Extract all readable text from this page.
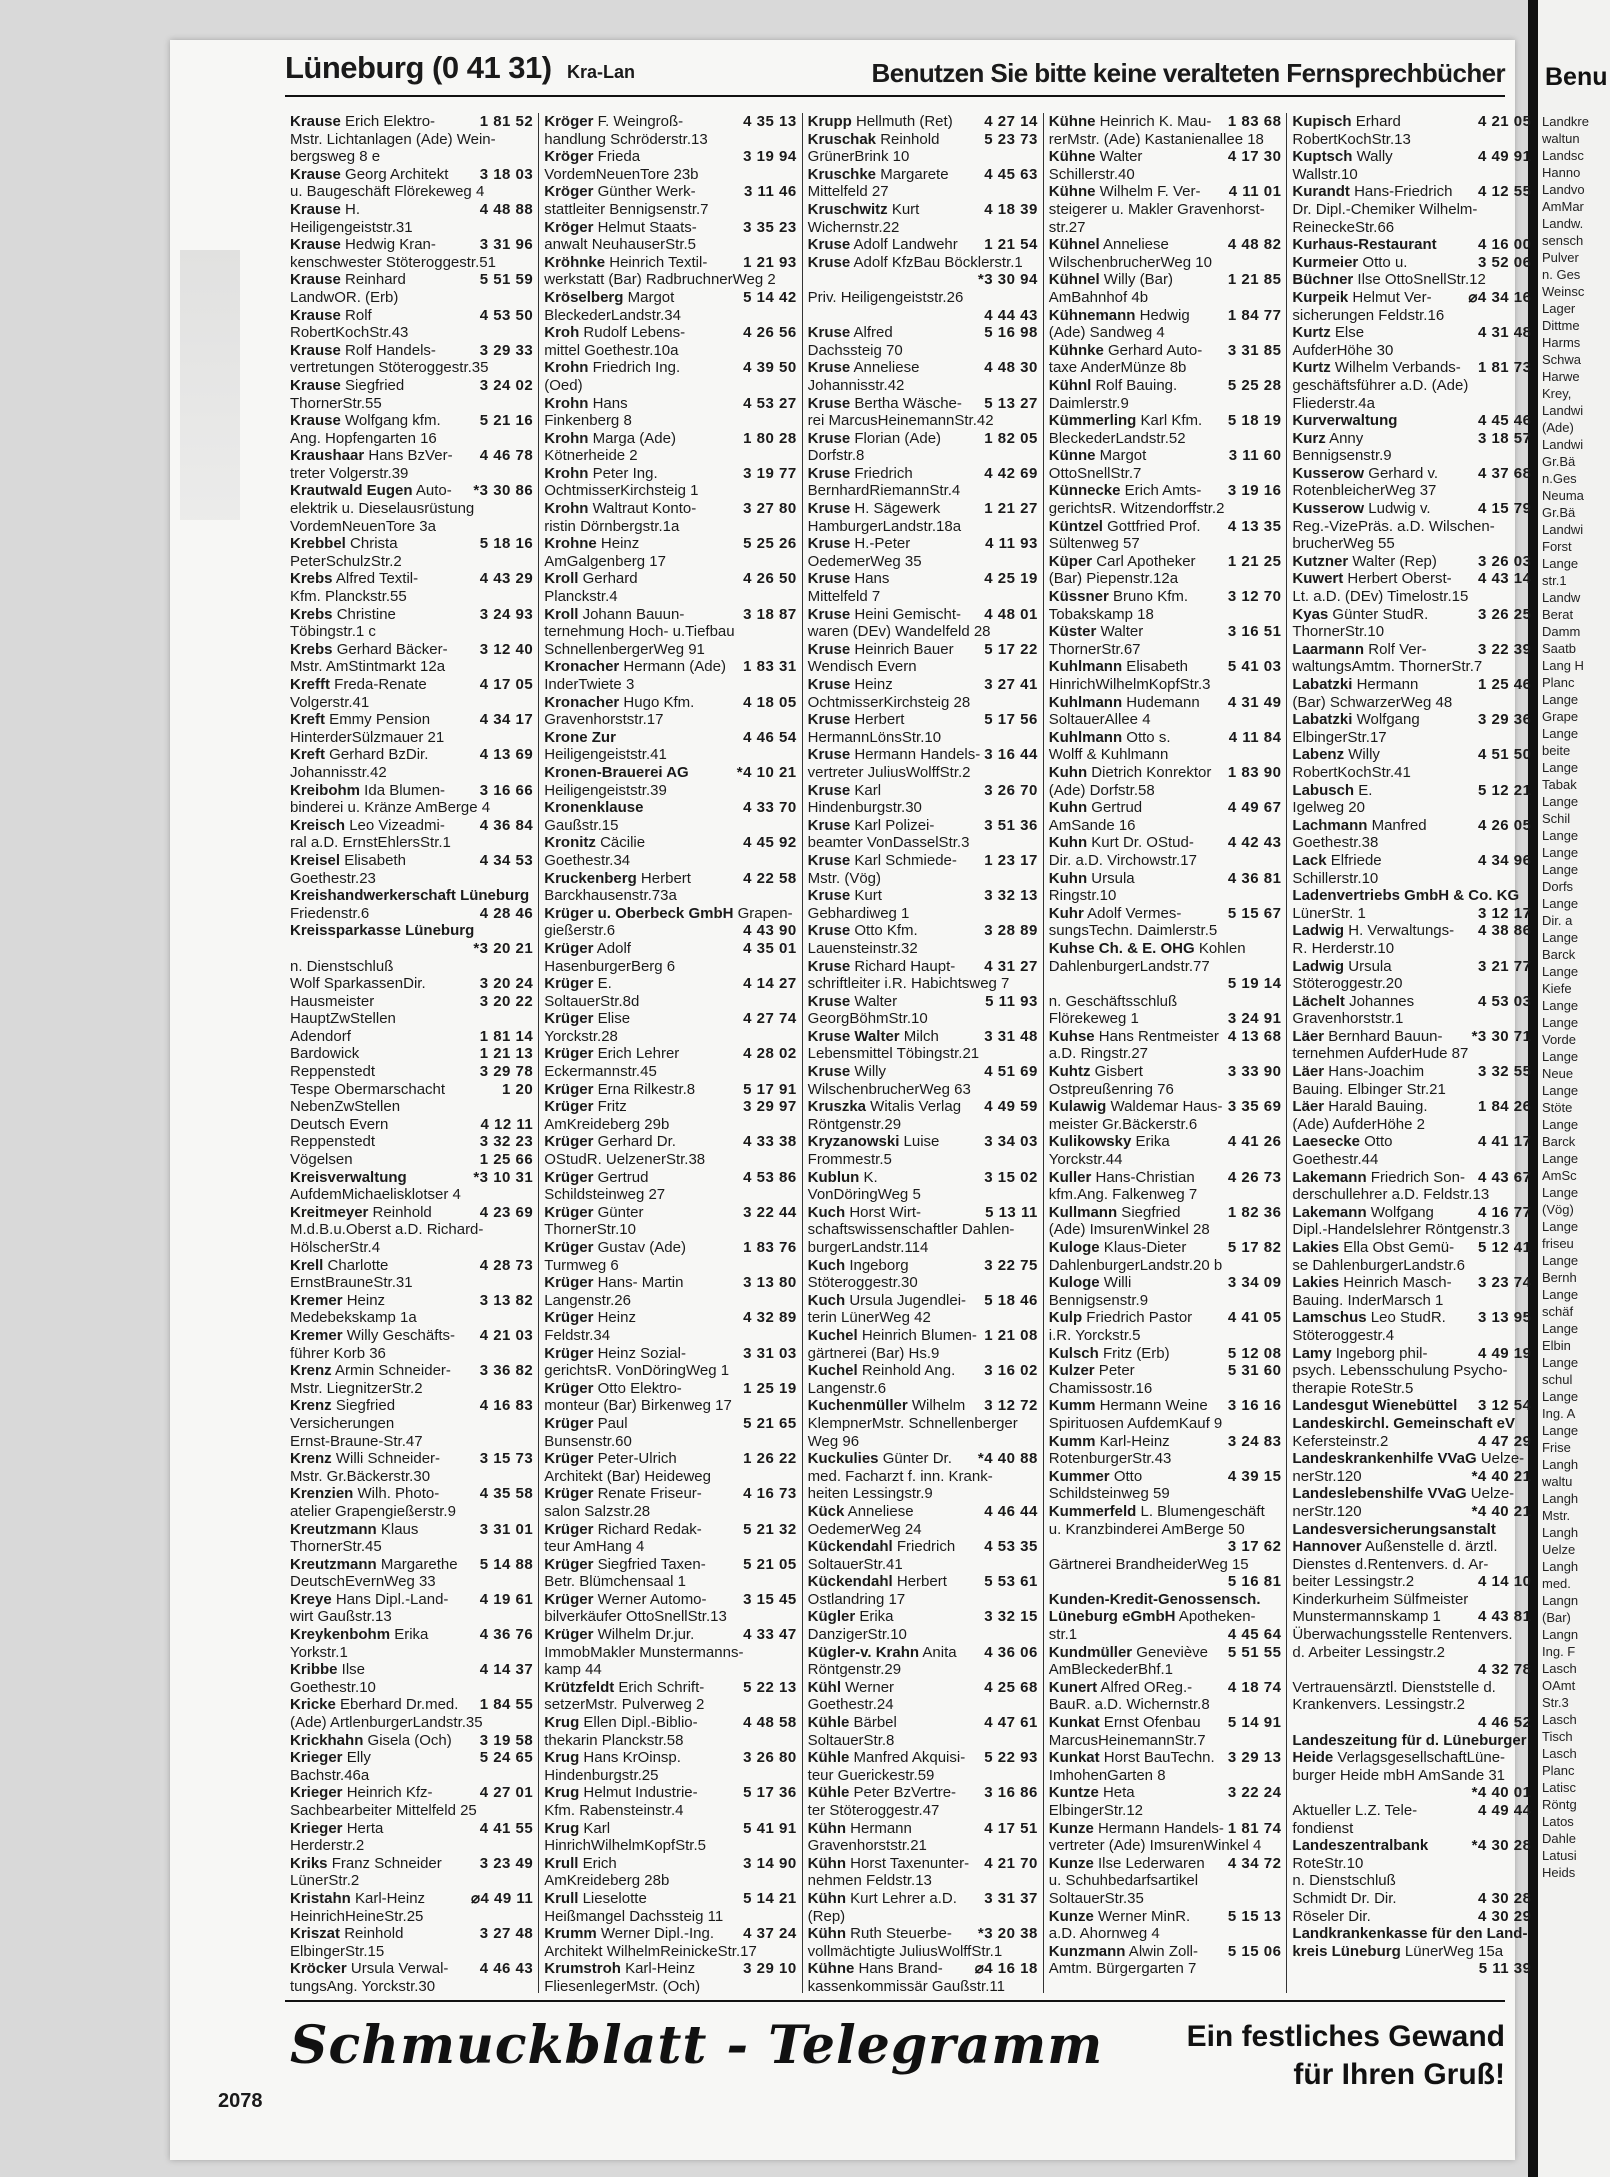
Benu
Landkre
waltun
Landsc
Hanno
Landvo
AmMar
Landw.
sensch
Pulver
n. Ges
Weinsc
Lager
Dittme
Harms
Schwa
Harwe
Krey,
Landwi
(Ade)
Landwi
Gr.Bä
n.Ges
Neuma
Gr.Bä
Landwi
Forst
Lange
str.1
Landw
Berat
Damm
Saatb
Lang H
Planc
Lange
Grape
Lange
beite
Lange
Tabak
Lange
Schil
Lange
Lange
Lange
Dorfs
Lange
Dir. a
Lange
Barck
Lange
Kiefe
Lange
Lange
Vorde
Lange
Neue
Lange
Stöte
Lange
Barck
Lange
AmSc
Lange
(Vög)
Lange
friseu
Lange
Bernh
Lange
schäf
Lange
Elbin
Lange
schul
Lange
Ing. A
Lange
Frise
Langh
waltu
Langh
Mstr.
Langh
Uelze
Langh
med.
Langn
(Bar)
Langn
Ing. F
Lasch
OAmt
Str.3
Lasch
Tisch
Lasch
Planc
Latisc
Röntg
Latos
Dahle
Latusi
Heids
Lüneburg (0 41 31) Kra-Lan	Benutzen Sie bitte keine veralteten Fernsprechbücher
Krause Erich Elektro-	1 81 52
Mstr. Lichtanlagen (Ade) Wein-
bergsweg 8 e
Krause Georg Architekt 3 18 03
u. Baugeschäft Flörekeweg 4
Krause H.	4 48 88
Heiligengeiststr.31
Krause Hedwig Kran-	3 31 96
kenschwester Stöteroggestr.51
Krause Reinhard	5 51 59
LandwOR. (Erb)
Krause Rolf	4 53 50
RobertKochStr.43
Krause Rolf Handels-	3 29 33
vertretungen Stöteroggestr.35
Krause Siegfried	3 24 02
ThornerStr.55
Krause Wolfgang kfm.	5 21 16
Ang. Hopfengarten 16
Kraushaar Hans BzVer- 4 46 78
treter Volgerstr.39
Krautwald Eugen Auto- *3 30 86
elektrik u. Dieselausrüstung
VordemNeuenTore 3a
Krebbel Christa	5 18 16
PeterSchulzStr.2
Krebs Alfred Textil-	4 43 29
Kfm. Planckstr.55
Krebs Christine	3 24 93
Töbingstr.1 c
Krebs Gerhard Bäcker- 3 12 40
Mstr. AmStintmarkt 12a
Krefft Freda-Renate	4 17 05
Volgerstr.41
Kreft Emmy Pension	4 34 17
HinterderSülzmauer 21
Kreft Gerhard BzDir.	4 13 69
Johannisstr.42
Kreibohm Ida Blumen- 3 16 66
binderei u. Kränze AmBerge 4
Kreisch Leo Vizeadmi- 4 36 84
ral a.D. ErnstEhlersStr.1
Kreisel Elisabeth	4 34 53
Goethestr.23
Kreishandwerkerschaft Lüneburg
Friedenstr.6	4 28 46
Kreissparkasse Lüneburg
*3 20 21
n. Dienstschluß
Wolf SparkassenDir.	3 20 24
Hausmeister	3 20 22
HauptZwStellen
Adendorf	1 81 14
Bardowick	1 21 13
Reppenstedt	3 29 78
Tespe Obermarschacht	1 20
NebenZwStellen
Deutsch Evern	4 12 11
Reppenstedt	3 32 23
Vögelsen	1 25 66
Kreisverwaltung	*3 10 31
AufdemMichaelisklotser 4
Kreitmeyer Reinhold	4 23 69
M.d.B.u.Oberst a.D. Richard-
HölscherStr.4
Krell Charlotte	4 28 73
ErnstBrauneStr.31
Kremer Heinz	3 13 82
Medebekskamp 1a
Kremer Willy Geschäfts- 4 21 03
führer Korb 36
Krenz Armin Schneider- 3 36 82
Mstr. LiegnitzerStr.2
Krenz Siegfried	4 16 83
Versicherungen
Ernst-Braune-Str.47
Krenz Willi Schneider-	3 15 73
Mstr. Gr.Bäckerstr.30
Krenzien Wilh. Photo-	4 35 58
atelier Grapengießerstr.9
Kreutzmann Klaus	3 31 01
ThornerStr.45
Kreutzmann Margarethe 5 14 88
DeutschEvernWeg 33
Kreye Hans Dipl.-Land- 4 19 61
wirt Gaußstr.13
Kreykenbohm Erika	4 36 76
Yorkstr.1
Kribbe Ilse	4 14 37
Goethestr.10
Kricke Eberhard Dr.med. 1 84 55
(Ade) ArtlenburgerLandstr.35
Krickhahn Gisela (Och) 3 19 58
Krieger Elly	5 24 65
Bachstr.46a
Krieger Heinrich Kfz-	4 27 01
Sachbearbeiter Mittelfeld 25
Krieger Herta	4 41 55
Herderstr.2
Kriks Franz Schneider	3 23 49
LünerStr.2
Kristahn Karl-Heinz	⌀4 49 11
HeinrichHeineStr.25
Kriszat Reinhold	3 27 48
ElbingerStr.15
Kröcker Ursula Verwal- 4 46 43
tungsAng. Yorckstr.30
Kröger F. Weingroß-	4 35 13
handlung Schröderstr.13
Kröger Frieda	3 19 94
VordemNeuenTore 23b
Kröger Günther Werk-	3 11 46
stattleiter Bennigsenstr.7
Kröger Helmut Staats-	3 35 23
anwalt NeuhauserStr.5
Kröhnke Heinrich Textil- 1 21 93
werkstatt (Bar) RadbruchnerWeg 2
Kröselberg Margot	5 14 42
BleckederLandstr.34
Kroh Rudolf Lebens-	4 26 56
mittel Goethestr.10a
Krohn Friedrich Ing.	4 39 50
(Oed)
Krohn Hans	4 53 27
Finkenberg 8
Krohn Marga (Ade)	1 80 28
Kötnerheide 2
Krohn Peter Ing.	3 19 77
OchtmisserKirchsteig 1
Krohn Waltraut Konto-	3 27 80
ristin Dörnbergstr.1a
Krohne Heinz	5 25 26
AmGalgenberg 17
Kroll Gerhard	4 26 50
Planckstr.4
Kroll Johann Bauun-	3 18 87
ternehmung Hoch- u.Tiefbau
SchnellenbergerWeg 91
Kronacher Hermann (Ade) 1 83 31
InderTwiete 3
Kronacher Hugo Kfm.	4 18 05
Gravenhorststr.17
Krone Zur	4 46 54
Heiligengeiststr.41
Kronen-Brauerei AG	*4 10 21
Heiligengeiststr.39
Kronenklause	4 33 70
Gaußstr.15
Kronitz Cäcilie	4 45 92
Goethestr.34
Kruckenberg Herbert	4 22 58
Barckhausenstr.73a
Krüger u. Oberbeck GmbH Grapen-
gießerstr.6	4 43 90
Krüger Adolf	4 35 01
HasenburgerBerg 6
Krüger E.	4 14 27
SoltauerStr.8d
Krüger Elise	4 27 74
Yorckstr.28
Krüger Erich Lehrer	4 28 02
Eckermannstr.45
Krüger Erna Rilkestr.8	5 17 91
Krüger Fritz	3 29 97
AmKreideberg 29b
Krüger Gerhard Dr.	4 33 38
OStudR. UelzenerStr.38
Krüger Gertrud	4 53 86
Schildsteinweg 27
Krüger Günter	3 22 44
ThornerStr.10
Krüger Gustav (Ade)	1 83 76
Turmweg 6
Krüger Hans- Martin	3 13 80
Langenstr.26
Krüger Heinz	4 32 89
Feldstr.34
Krüger Heinz Sozial-	3 31 03
gerichtsR. VonDöringWeg 1
Krüger Otto Elektro-	1 25 19
monteur (Bar) Birkenweg 17
Krüger Paul	5 21 65
Bunsenstr.60
Krüger Peter-Ulrich	1 26 22
Architekt (Bar) Heideweg
Krüger Renate Friseur-	4 16 73
salon Salzstr.28
Krüger Richard Redak-	5 21 32
teur AmHang 4
Krüger Siegfried Taxen- 5 21 05
Betr. Blümchensaal 1
Krüger Werner Automo- 3 15 45
bilverkäufer OttoSnellStr.13
Krüger Wilhelm Dr.jur.	4 33 47
ImmobMakler Munstermanns-
kamp 44
Krützfeldt Erich Schrift-	5 22 13
setzerMstr. Pulverweg 2
Krug Ellen Dipl.-Biblio-	4 48 58
thekarin Planckstr.58
Krug Hans KrOinsp.	3 26 80
Hindenburgstr.25
Krug Helmut Industrie-	5 17 36
Kfm. Rabensteinstr.4
Krug Karl	5 41 91
HinrichWilhelmKopfStr.5
Krull Erich	3 14 90
AmKreideberg 28b
Krull Lieselotte	5 14 21
Heißmangel Dachssteig 11
Krumm Werner Dipl.-Ing. 4 37 24
Architekt WilhelmReinickeStr.17
Krumstroh Karl-Heinz	3 29 10
FliesenlegerMstr. (Och)
Krupp Hellmuth (Ret) 4 27 14
Kruschak Reinhold	5 23 73
GrünerBrink 10
Kruschke Margarete 4 45 63
Mittelfeld 27
Kruschwitz Kurt	4 18 39
Wichernstr.22
Kruse Adolf Landwehr 1 21 54
Kruse Adolf KfzBau Böcklerstr.1
*3 30 94
Priv. Heiligengeiststr.26
4 44 43
Kruse Alfred	5 16 98
Dachssteig 70
Kruse Anneliese	4 48 30
Johannisstr.42
Kruse Bertha Wäsche- 5 13 27
rei MarcusHeinemannStr.42
Kruse Florian (Ade)	1 82 05
Dorfstr.8
Kruse Friedrich	4 42 69
BernhardRiemannStr.4
Kruse H. Sägewerk	1 21 27
HamburgerLandstr.18a
Kruse H.-Peter	4 11 93
OedemerWeg 35
Kruse Hans	4 25 19
Mittelfeld 7
Kruse Heini Gemischt- 4 48 01
waren (DEv) Wandelfeld 28
Kruse Heinrich Bauer 5 17 22
Wendisch Evern
Kruse Heinz	3 27 41
OchtmisserKirchsteig 28
Kruse Herbert	5 17 56
HermannLönsStr.10
Kruse Hermann Handels- 3 16 44
vertreter JuliusWolffStr.2
Kruse Karl	3 26 70
Hindenburgstr.30
Kruse Karl Polizei-	3 51 36
beamter VonDasselStr.3
Kruse Karl Schmiede- 1 23 17
Mstr. (Vög)
Kruse Kurt	3 32 13
Gebhardiweg 1
Kruse Otto Kfm.	3 28 89
Lauensteinstr.32
Kruse Richard Haupt- 4 31 27
schriftleiter i.R. Habichtsweg 7
Kruse Walter	5 11 93
GeorgBöhmStr.10
Kruse Walter Milch	3 31 48
Lebensmittel Töbingstr.21
Kruse Willy	4 51 69
WilschenbrucherWeg 63
Kruszka Witalis Verlag 4 49 59
Röntgenstr.29
Kryzanowski Luise	3 34 03
Frommestr.5
Kublun K.	3 15 02
VonDöringWeg 5
Kuch Horst Wirt-	5 13 11
schaftswissenschaftler Dahlen-
burgerLandstr.114
Kuch Ingeborg	3 22 75
Stöteroggestr.30
Kuch Ursula Jugendlei- 5 18 46
terin LünerWeg 42
Kuchel Heinrich Blumen- 1 21 08
gärtnerei (Bar) Hs.9
Kuchel Reinhold Ang. 3 16 02
Langenstr.6
Kuchenmüller Wilhelm 3 12 72
KlempnerMstr. Schnellenberger
Weg 96
Kuckulies Günter Dr. *4 40 88
med. Facharzt f. inn. Krank-
heiten Lessingstr.9
Kück Anneliese	4 46 44
OedemerWeg 24
Kückendahl Friedrich 4 53 35
SoltauerStr.41
Kückendahl Herbert 5 53 61
Ostlandring 17
Kügler Erika	3 32 15
DanzigerStr.10
Kügler-v. Krahn Anita 4 36 06
Röntgenstr.29
Kühl Werner	4 25 68
Goethestr.24
Kühle Bärbel	4 47 61
SoltauerStr.8
Kühle Manfred Akquisi- 5 22 93
teur Guerickestr.59
Kühle Peter BzVertre- 3 16 86
ter Stöteroggestr.47
Kühn Hermann	4 17 51
Gravenhorststr.21
Kühn Horst Taxenunter- 4 21 70
nehmen Feldstr.13
Kühn Kurt Lehrer a.D. 3 31 37
(Rep)
Kühn Ruth Steuerbe- *3 20 38
vollmächtigte JuliusWolffStr.1
Kühne Hans Brand- ⌀4 16 18
kassenkommissär Gaußstr.11
Kühne Heinrich K. Mau- 1 83 68
rerMstr. (Ade) Kastanienallee 18
Kühne Walter	4 17 30
Schillerstr.40
Kühne Wilhelm F. Ver- 4 11 01
steigerer u. Makler Gravenhorst-
str.27
Kühnel Anneliese	4 48 82
WilschenbrucherWeg 10
Kühnel Willy (Bar)	1 21 85
AmBahnhof 4b
Kühnemann Hedwig	1 84 77
(Ade) Sandweg 4
Kühnke Gerhard Auto- 3 31 85
taxe AnderMünze 8b
Kühnl Rolf Bauing.	5 25 28
Daimlerstr.9
Kümmerling Karl Kfm. 5 18 19
BleckederLandstr.52
Künne Margot	3 11 60
OttoSnellStr.7
Künnecke Erich Amts- 3 19 16
gerichtsR. Witzendorffstr.2
Küntzel Gottfried Prof. 4 13 35
Sültenweg 57
Küper Carl Apotheker 1 21 25
(Bar) Piepenstr.12a
Küssner Bruno Kfm.	3 12 70
Tobakskamp 18
Küster Walter	3 16 51
ThornerStr.67
Kuhlmann Elisabeth	5 41 03
HinrichWilhelmKopfStr.3
Kuhlmann Hudemann 4 31 49
SoltauerAllee 4
Kuhlmann Otto s.	4 11 84
Wolff & Kuhlmann
Kuhn Dietrich Konrektor 1 83 90
(Ade) Dorfstr.58
Kuhn Gertrud	4 49 67
AmSande 16
Kuhn Kurt Dr. OStud- 4 42 43
Dir. a.D. Virchowstr.17
Kuhn Ursula	4 36 81
Ringstr.10
Kuhr Adolf Vermes-	5 15 67
sungsTechn. Daimlerstr.5
Kuhse Ch. & E. OHG Kohlen
DahlenburgerLandstr.77
5 19 14
n. Geschäftsschluß
Flörekeweg 1	3 24 91
Kuhse Hans Rentmeister 4 13 68
a.D. Ringstr.27
Kuhtz Gisbert	3 33 90
Ostpreußenring 76
Kulawig Waldemar Haus- 3 35 69
meister Gr.Bäckerstr.6
Kulikowsky Erika	4 41 26
Yorckstr.44
Kuller Hans-Christian 4 26 73
kfm.Ang. Falkenweg 7
Kullmann Siegfried	1 82 36
(Ade) ImsurenWinkel 28
Kuloge Klaus-Dieter	5 17 82
DahlenburgerLandstr.20 b
Kuloge Willi	3 34 09
Bennigsenstr.9
Kulp Friedrich Pastor 4 41 05
i.R. Yorckstr.5
Kulsch Fritz (Erb)	5 12 08
Kulzer Peter	5 31 60
Chamissostr.16
Kumm Hermann Weine 3 16 16
Spirituosen AufdemKauf 9
Kumm Karl-Heinz	3 24 83
RotenburgerStr.43
Kummer Otto	4 39 15
Schildsteinweg 59
Kummerfeld L. Blumengeschäft
u. Kranzbinderei AmBerge 50
3 17 62
Gärtnerei BrandheiderWeg 15
5 16 81
Kunden-Kredit-Genossensch.
Lüneburg eGmbH Apotheken-
str.1	4 45 64
Kundmüller Geneviève 5 51 55
AmBleckederBhf.1
Kunert Alfred OReg.- 4 18 74
BauR. a.D. Wichernstr.8
Kunkat Ernst Ofenbau 5 14 91
MarcusHeinemannStr.7
Kunkat Horst BauTechn. 3 29 13
ImhohenGarten 8
Kuntze Heta	3 22 24
ElbingerStr.12
Kunze Hermann Handels- 1 81 74
vertreter (Ade) ImsurenWinkel 4
Kunze Ilse Lederwaren 4 34 72
u. Schuhbedarfsartikel
SoltauerStr.35
Kunze Werner MinR.	5 15 13
a.D. Ahornweg 4
Kunzmann Alwin Zoll- 5 15 06
Amtm. Bürgergarten 7
Kupisch Erhard	4 21 05
RobertKochStr.13
Kuptsch Wally	4 49 91
Wallstr.10
Kurandt Hans-Friedrich 4 12 55
Dr. Dipl.-Chemiker Wilhelm-
ReineckeStr.66
Kurhaus-Restaurant	4 16 00
Kurmeier Otto u.	3 52 06
Büchner Ilse OttoSnellStr.12
Kurpeik Helmut Ver- ⌀4 34 16
sicherungen Feldstr.16
Kurtz Else	4 31 48
AufderHöhe 30
Kurtz Wilhelm Verbands- 1 81 73
geschäftsführer a.D. (Ade)
Fliederstr.4a
Kurverwaltung	4 45 46
Kurz Anny	3 18 57
Bennigsenstr.9
Kusserow Gerhard v.	4 37 68
RotenbleicherWeg 37
Kusserow Ludwig v.	4 15 79
Reg.-VizePräs. a.D. Wilschen-
brucherWeg 55
Kutzner Walter (Rep)	3 26 03
Kuwert Herbert Oberst- 4 43 14
Lt. a.D. (DEv) Timelostr.15
Kyas Günter StudR.	3 26 25
ThornerStr.10
Laarmann Rolf Ver-	3 22 39
waltungsAmtm. ThornerStr.7
Labatzki Hermann	1 25 46
(Bar) SchwarzerWeg 48
Labatzki Wolfgang	3 29 36
ElbingerStr.17
Labenz Willy	4 51 50
RobertKochStr.41
Labusch E.	5 12 21
Igelweg 20
Lachmann Manfred	4 26 05
Goethestr.38
Lack Elfriede	4 34 96
Schillerstr.10
Ladenvertriebs GmbH & Co. KG
LünerStr. 1	3 12 17
Ladwig H. Verwaltungs- 4 38 86
R. Herderstr.10
Ladwig Ursula	3 21 77
Stöteroggestr.20
Lächelt Johannes	4 53 03
Gravenhorststr.1
Läer Bernhard Bauun- *3 30 71
ternehmen AufderHude 87
Läer Hans-Joachim	3 32 55
Bauing. Elbinger Str.21
Läer Harald Bauing.	1 84 26
(Ade) AufderHöhe 2
Laesecke Otto	4 41 17
Goethestr.44
Lakemann Friedrich Son- 4 43 67
derschullehrer a.D. Feldstr.13
Lakemann Wolfgang	4 16 77
Dipl.-Handelslehrer Röntgenstr.3
Lakies Ella Obst Gemü- 5 12 41
se DahlenburgerLandstr.6
Lakies Heinrich Masch- 3 23 74
Bauing. InderMarsch 1
Lamschus Leo StudR. 3 13 95
Stöteroggestr.4
Lamy Ingeborg phil-	4 49 19
psych. Lebensschulung Psycho-
therapie RoteStr.5
Landesgut Wienebüttel 3 12 54
Landeskirchl. Gemeinschaft eV
Kefersteinstr.2	4 47 29
Landeskrankenhilfe VVaG Uelze-
nerStr.120	*4 40 21
Landeslebenshilfe VVaG Uelze-
nerStr.120	*4 40 21
Landesversicherungsanstalt
Hannover Außenstelle d. ärztl.
Dienstes d.Rentenvers. d. Ar-
beiter Lessingstr.2	4 14 10
Kinderkurheim Sülfmeister
Munstermannskamp 1 4 43 81
Überwachungsstelle Rentenvers.
d. Arbeiter Lessingstr.2
4 32 78
Vertrauensärztl. Dienststelle d.
Krankenvers. Lessingstr.2
4 46 52
Landeszeitung für d. Lüneburger
Heide VerlagsgesellschaftLüne-
burger Heide mbH AmSande 31
*4 40 01
Aktueller L.Z. Tele-	4 49 44
fondienst
Landeszentralbank	*4 30 28
RoteStr.10
n. Dienstschluß
Schmidt Dr. Dir.	4 30 28
Röseler Dir.	4 30 29
Landkrankenkasse für den Land-
kreis Lüneburg LünerWeg 15a
5 11 39
Schmuckblatt - Telegramm	Ein festliches Gewand
für Ihren Gruß!
2078
